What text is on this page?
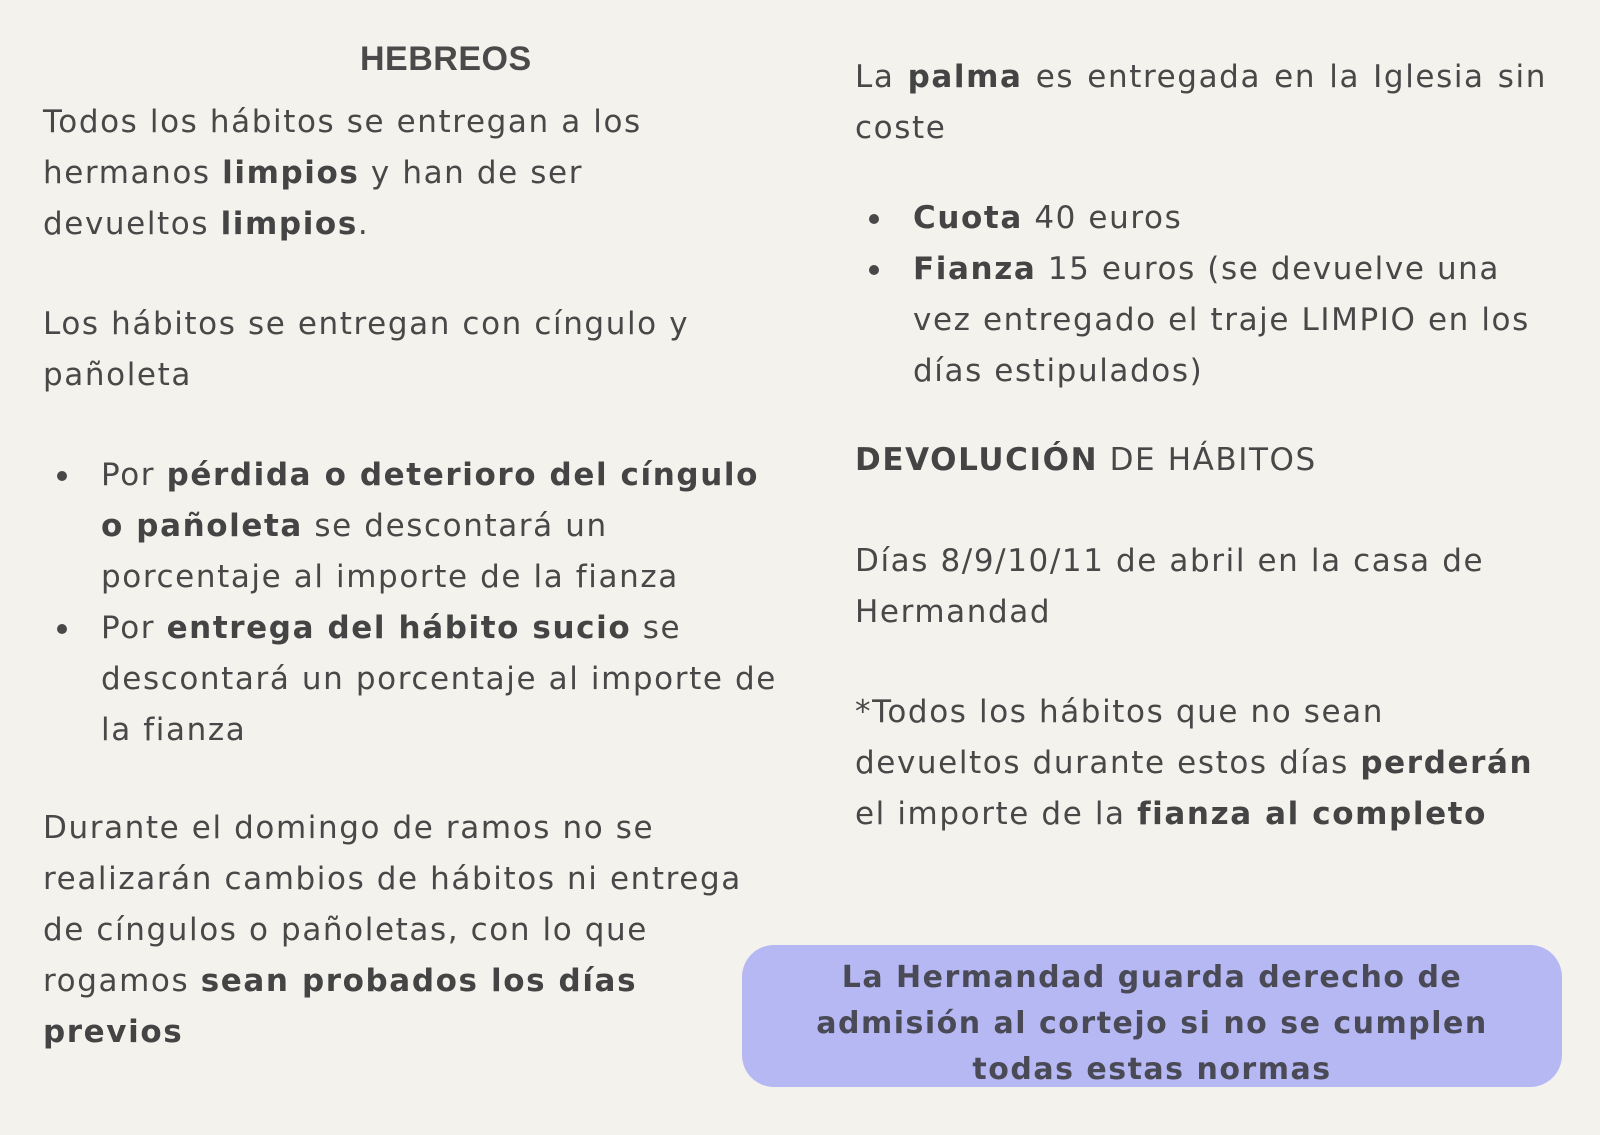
HEBREOS

Todos los hábitos se entregan a los hermanos limpios y han de ser devueltos limpios.

Los hábitos se entregan con cíngulo y pañoleta

Por pérdida o deterioro del cíngulo o pañoleta se descontará un porcentaje al importe de la fianza
Por entrega del hábito sucio se descontará un porcentaje al importe de la fianza

Durante el domingo de ramos no se realizarán cambios de hábitos ni entrega de cíngulos o pañoletas, con lo que rogamos sean probados los días previos

La palma es entregada en la Iglesia sin coste

Cuota 40 euros
Fianza 15 euros (se devuelve una vez entregado el traje LIMPIO en los días estipulados)

DEVOLUCIÓN DE HÁBITOS

Días 8/9/10/11 de abril en la casa de Hermandad

*Todos los hábitos que no sean devueltos durante estos días perderán el importe de la fianza al completo

La Hermandad guarda derecho de admisión al cortejo si no se cumplen todas estas normas
